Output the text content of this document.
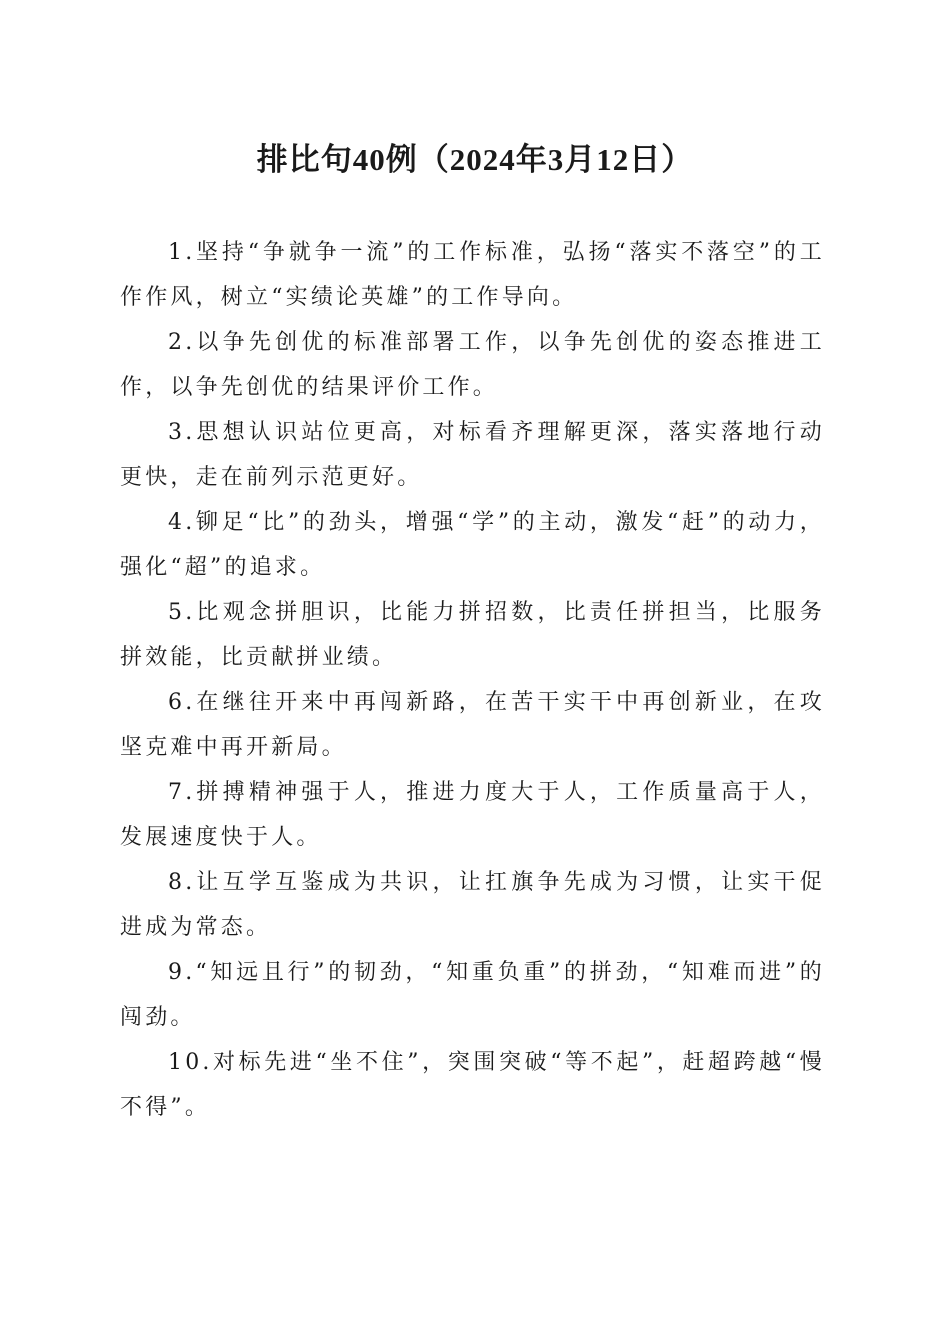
排比句40例（2024年3月12日）

1.坚持“争就争一流”的工作标准，弘扬“落实不落空”的工作作风，树立“实绩论英雄”的工作导向。

2.以争先创优的标准部署工作，以争先创优的姿态推进工作，以争先创优的结果评价工作。

3.思想认识站位更高，对标看齐理解更深，落实落地行动更快，走在前列示范更好。

4.铆足“比”的劲头，增强“学”的主动，激发“赶”的动力，强化“超”的追求。

5.比观念拼胆识，比能力拼招数，比责任拼担当，比服务拼效能，比贡献拼业绩。

6.在继往开来中再闯新路，在苦干实干中再创新业，在攻坚克难中再开新局。

7.拼搏精神强于人，推进力度大于人，工作质量高于人，发展速度快于人。

8.让互学互鉴成为共识，让扛旗争先成为习惯，让实干促进成为常态。

9.“知远且行”的韧劲，“知重负重”的拼劲，“知难而进”的闯劲。

10.对标先进“坐不住”，突围突破“等不起”，赶超跨越“慢不得”。
